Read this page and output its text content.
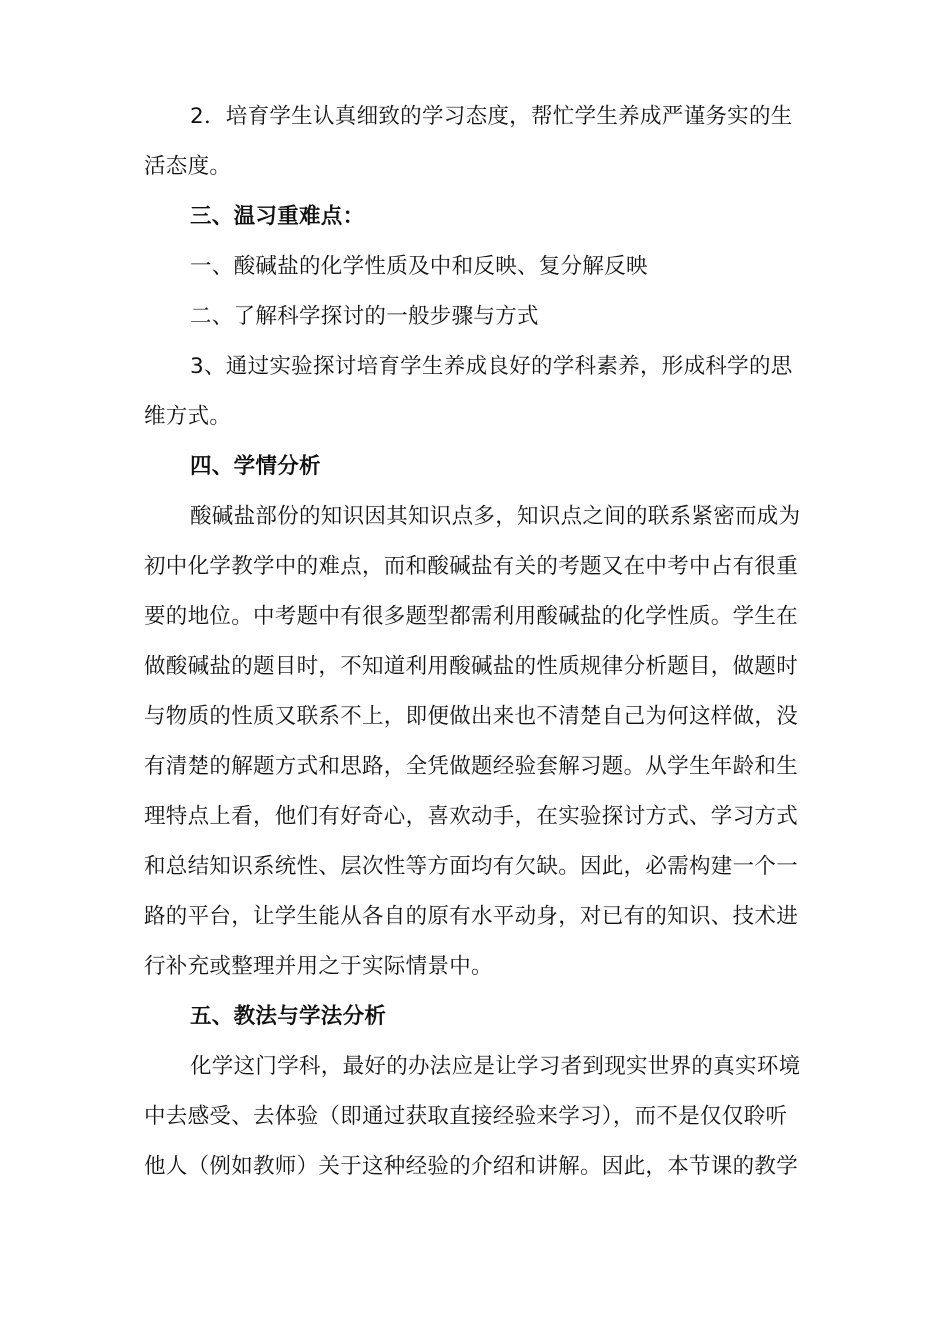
2．培育学生认真细致的学习态度，帮忙学生养成严谨务实的生
活态度。
三、温习重难点：
一、酸碱盐的化学性质及中和反映、复分解反映
二、了解科学探讨的一般步骤与方式
3、通过实验探讨培育学生养成良好的学科素养，形成科学的思
维方式。
四、学情分析
酸碱盐部份的知识因其知识点多，知识点之间的联系紧密而成为
初中化学教学中的难点，而和酸碱盐有关的考题又在中考中占有很重
要的地位。中考题中有很多题型都需利用酸碱盐的化学性质。学生在
做酸碱盐的题目时，不知道利用酸碱盐的性质规律分析题目，做题时
与物质的性质又联系不上，即便做出来也不清楚自己为何这样做，没
有清楚的解题方式和思路，全凭做题经验套解习题。从学生年龄和生
理特点上看，他们有好奇心，喜欢动手，在实验探讨方式、学习方式
和总结知识系统性、层次性等方面均有欠缺。因此，必需构建一个一
路的平台，让学生能从各自的原有水平动身，对已有的知识、技术进
行补充或整理并用之于实际情景中。
五、教法与学法分析
化学这门学科，最好的办法应是让学习者到现实世界的真实环境
中去感受、去体验（即通过获取直接经验来学习），而不是仅仅聆听
他人（例如教师）关于这种经验的介绍和讲解。因此，本节课的教学
